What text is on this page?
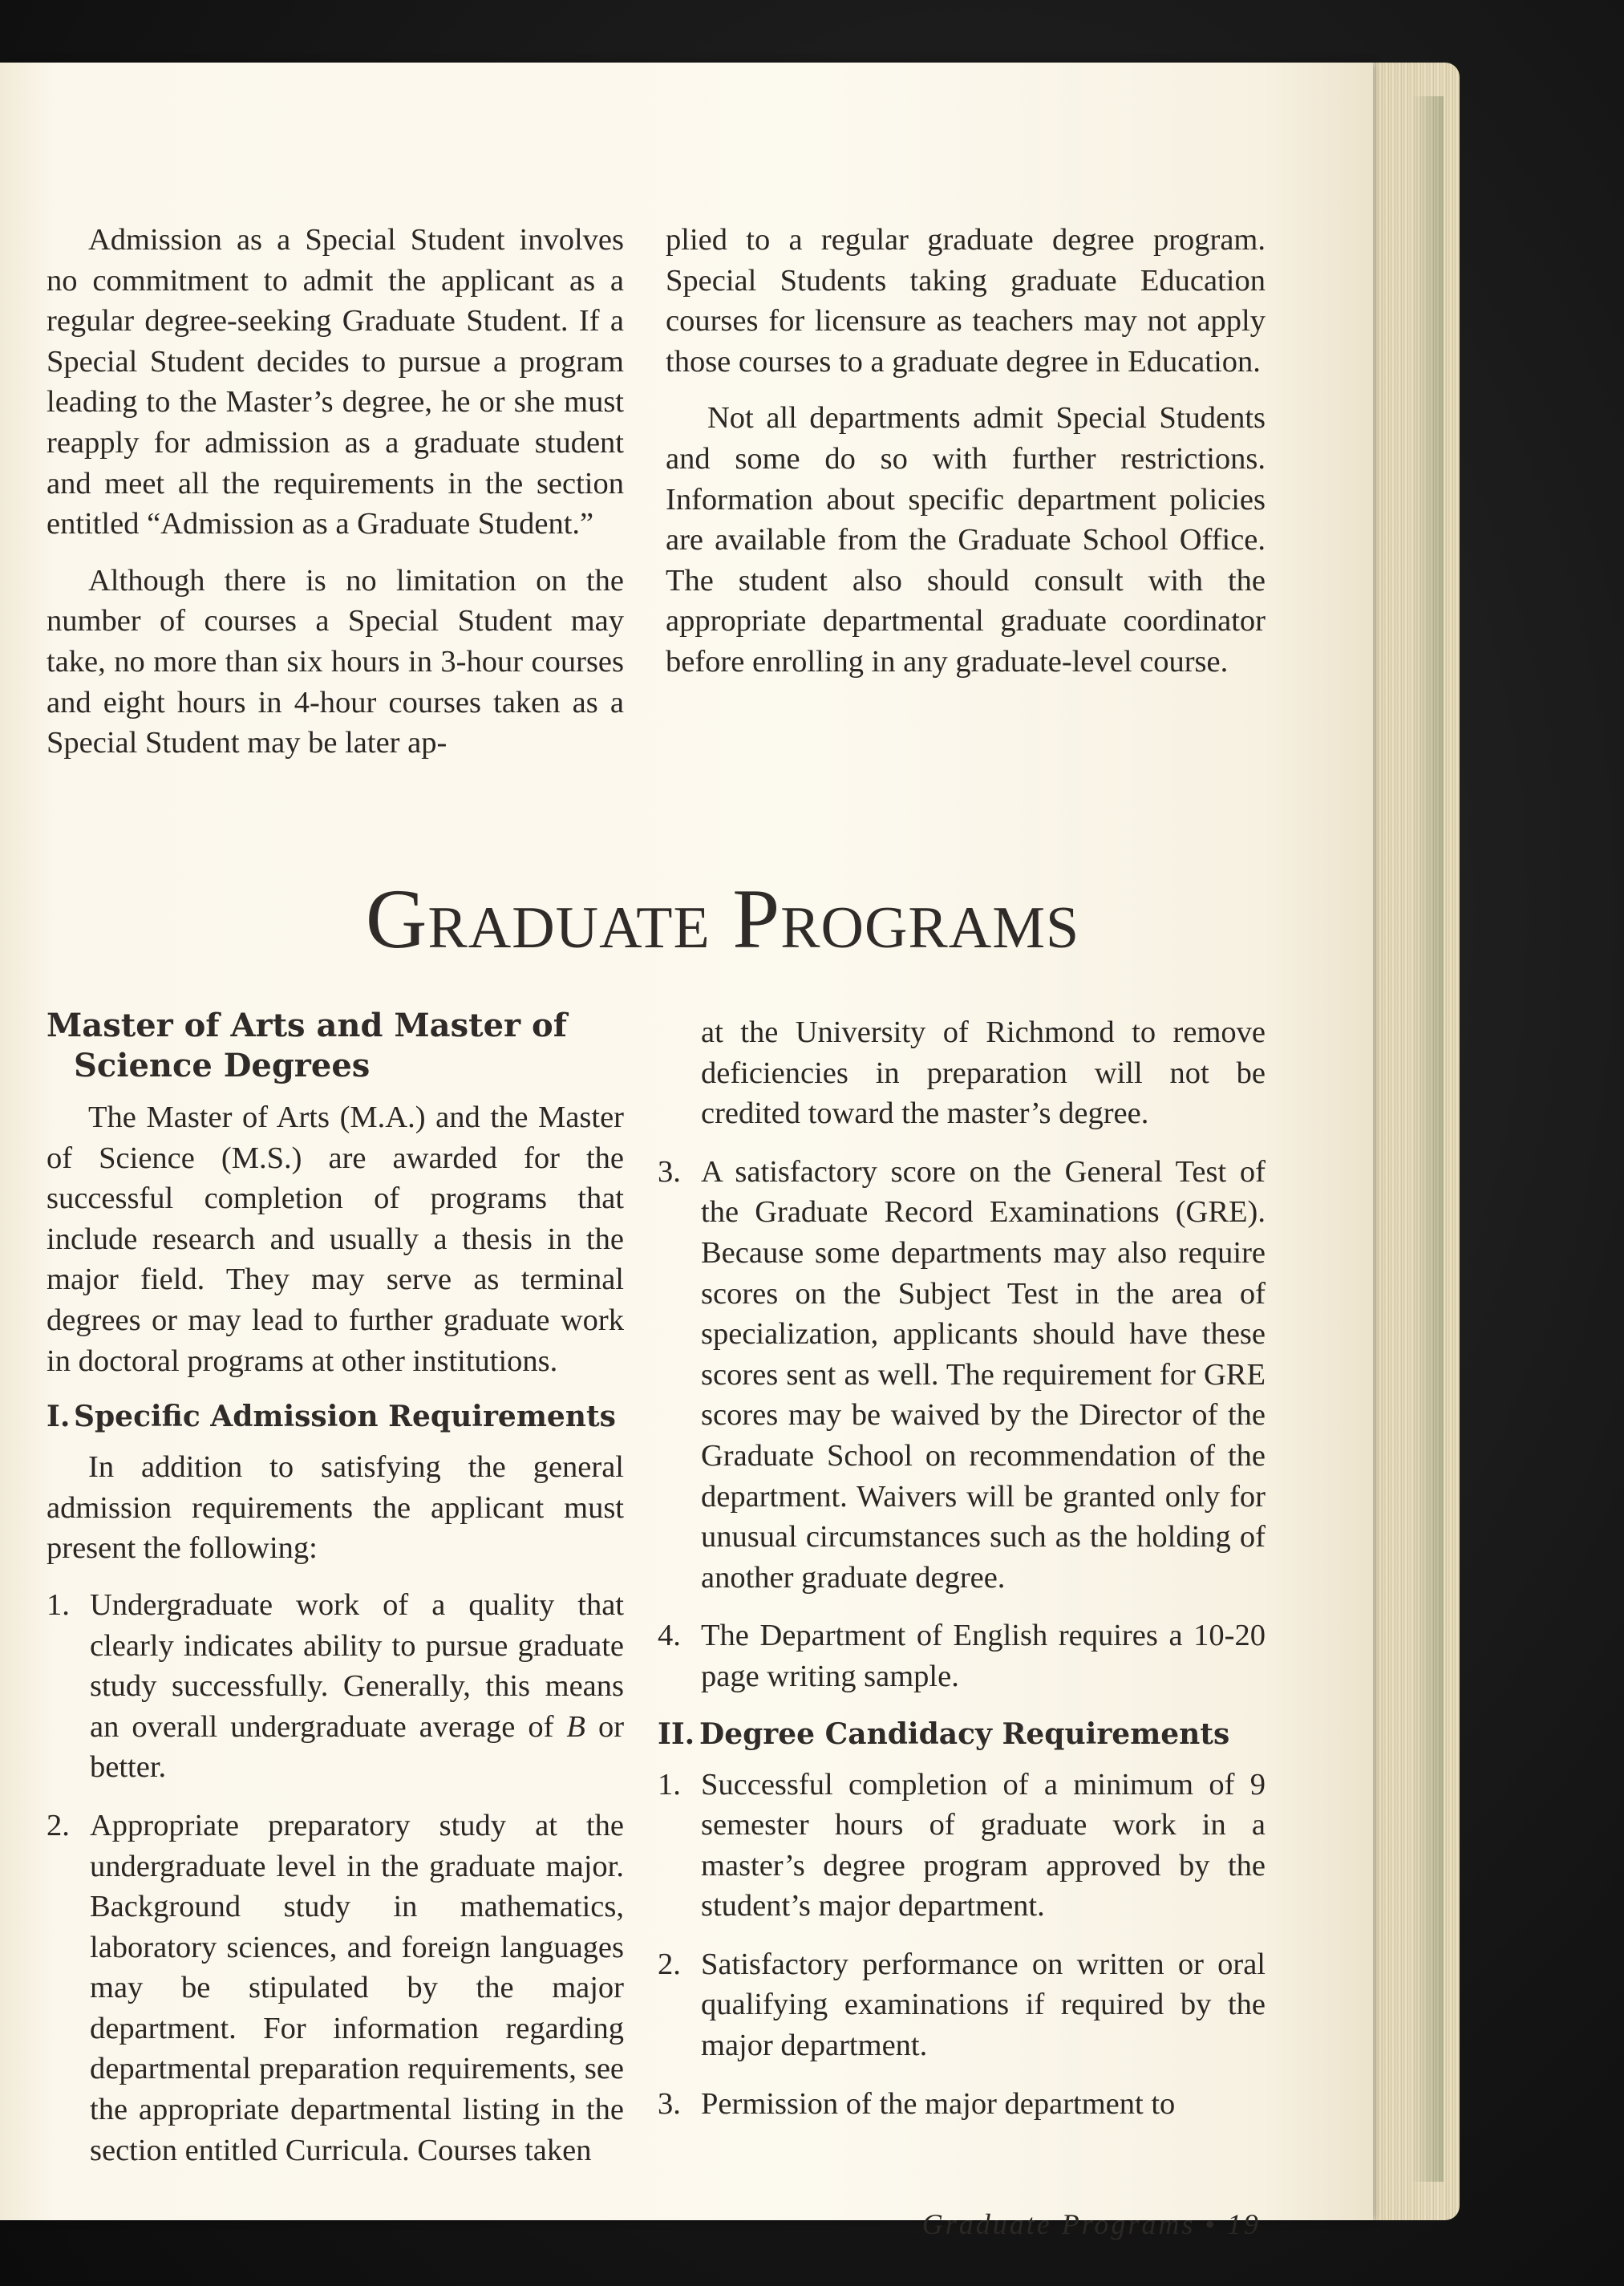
Admission as a Special Student involves no commitment to admit the applicant as a regular degree-seeking Graduate Student. If a Special Student decides to pursue a program leading to the Master’s degree, he or she must reapply for admission as a graduate student and meet all the requirements in the section entitled “Admission as a Graduate Student.”

Although there is no limitation on the number of courses a Special Student may take, no more than six hours in 3-hour courses and eight hours in 4-hour courses taken as a Special Student may be later ap-

plied to a regular graduate degree program. Special Students taking graduate Education courses for licensure as teachers may not apply those courses to a graduate degree in Education.

Not all departments admit Special Students and some do so with further restrictions. Information about specific department policies are available from the Graduate School Office. The student also should consult with the appropriate departmental graduate coordinator before enrolling in any graduate-level course.

Graduate Programs
Master of Arts and Master of
Science Degrees

The Master of Arts (M.A.) and the Master of Science (M.S.) are awarded for the successful completion of programs that include research and usually a thesis in the major field. They may serve as terminal degrees or may lead to further graduate work in doctoral programs at other institutions.

I. Specific Admission Requirements

In addition to satisfying the general admission requirements the applicant must present the following:

1. Undergraduate work of a quality that clearly indicates ability to pursue graduate study successfully. Generally, this means an overall undergraduate average of B or better.
2. Appropriate preparatory study at the undergraduate level in the graduate major. Background study in mathematics, laboratory sciences, and foreign languages may be stipulated by the major department. For information regarding departmental preparation requirements, see the appropriate departmental listing in the section entitled Curricula. Courses taken
at the University of Richmond to remove deficiencies in preparation will not be credited toward the master’s degree.
3. A satisfactory score on the General Test of the Graduate Record Examinations (GRE). Because some departments may also require scores on the Subject Test in the area of specialization, applicants should have these scores sent as well. The requirement for GRE scores may be waived by the Director of the Graduate School on recommendation of the department. Waivers will be granted only for unusual circumstances such as the holding of another graduate degree.
4. The Department of English requires a 10-20 page writing sample.
II. Degree Candidacy Requirements
1. Successful completion of a minimum of 9 semester hours of graduate work in a master’s degree program approved by the student’s major department.
2. Satisfactory performance on written or oral qualifying examinations if required by the major department.
3. Permission of the major department to
Graduate Programs • 19
